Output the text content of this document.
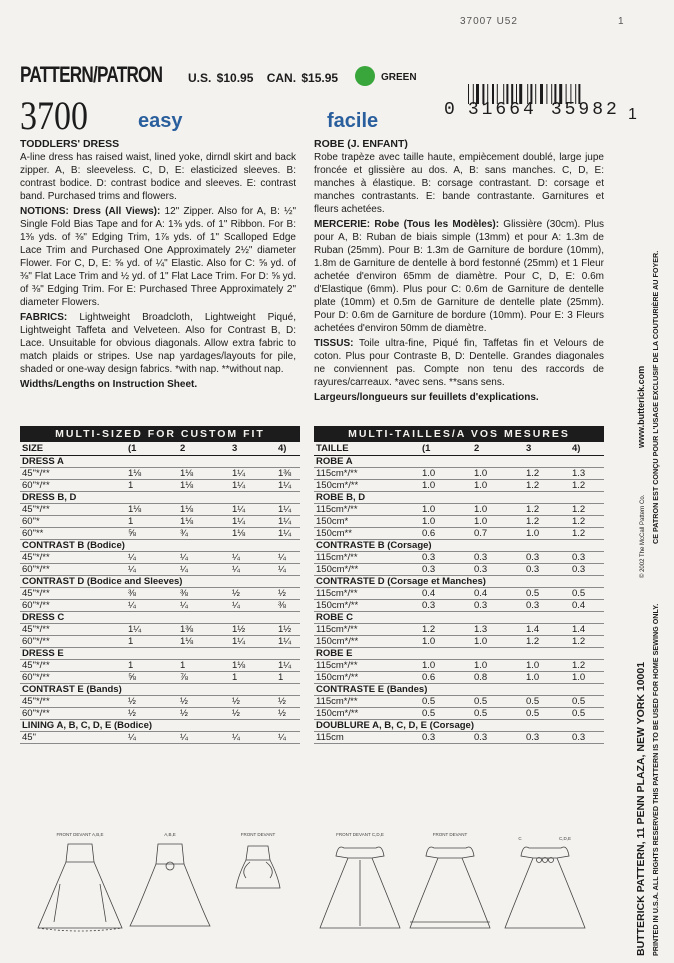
37007 U52	1
PATTERN/PATRON U.S. $10.95 CAN. $15.95	GREEN
3700	easy	facile	0 31664 35982 1
TODDLERS' DRESS

A-line dress has raised waist, lined yoke, dirndl skirt and back zipper. A, B: sleeveless. C, D, E: elasticized sleeves. B: contrast bodice. D: contrast bodice and sleeves. E: contrast band. Purchased trims and flowers.

NOTIONS: Dress (All Views): 12" Zipper. Also for A, B: ½" Single Fold Bias Tape and for A: 1⅜ yds. of 1" Ribbon. For B: 1⅜ yds. of ⅜" Edging Trim, 1⅞ yds. of 1" Scalloped Edge Lace Trim and Purchased One Approximately 2½" diameter Flower. For C, D, E: ⅝ yd. of ¼" Elastic. Also for C: ⅝ yd. of ⅜" Flat Lace Trim and ½ yd. of 1" Flat Lace Trim. For D: ⅝ yd. of ⅜" Edging Trim. For E: Purchased Three Approximately 2" diameter Flowers.

FABRICS: Lightweight Broadcloth, Lightweight Piqué, Lightweight Taffeta and Velveteen. Also for Contrast B, D: Lace. Unsuitable for obvious diagonals. Allow extra fabric to match plaids or stripes. Use nap yardages/layouts for pile, shaded or one-way design fabrics. *with nap. **without nap.

Widths/Lengths on Instruction Sheet.

ROBE (J. ENFANT)

Robe trapèze avec taille haute, empiècement doublé, large jupe froncée et glissière au dos. A, B: sans manches. C, D, E: manches à élastique. B: corsage contrastant. D: corsage et manches contrastants. E: bande contrastante. Garnitures et fleurs achetées.

MERCERIE: Robe (Tous les Modèles): Glissière (30cm). Plus pour A, B: Ruban de biais simple (13mm) et pour A: 1.3m de Ruban (25mm). Pour B: 1.3m de Garniture de bordure (10mm), 1.8m de Garniture de dentelle à bord festonné (25mm) et 1 Fleur achetée d'environ 65mm de diamètre. Pour C, D, E: 0.6m d'Elastique (6mm). Plus pour C: 0.6m de Garniture de dentelle plate (10mm) et 0.5m de Garniture de dentelle plate (25mm). Pour D: 0.6m de Garniture de bordure (10mm). Pour E: 3 Fleurs achetées d'environ 50mm de diamètre.

TISSUS: Toile ultra-fine, Piqué fin, Taffetas fin et Velours de coton. Plus pour Contraste B, D: Dentelle. Grandes diagonales ne conviennent pas. Compte non tenu des raccords de rayures/carreaux. *avec sens. **sans sens.

Largeurs/longueurs sur feuillets d'explications.

MULTI-SIZED FOR CUSTOM FIT
SIZE	(1	2	3	4)
DRESS A
45"*/**	1⅛	1⅛	1¼	1⅜
60"*/**	1	1⅛	1¼	1¼
DRESS B, D
45"*/**	1⅛	1⅛	1¼	1¼
60"*	1	1⅛	1¼	1¼
60"**	⅝	¾	1⅛	1¼
CONTRAST B (Bodice)
45"*/**	¼	¼	¼	¼
60"*/**	¼	¼	¼	¼
CONTRAST D (Bodice and Sleeves)
45"*/**	⅜	⅜	½	½
60"*/**	¼	¼	¼	⅜
DRESS C
45"*/**	1¼	1⅜	1½	1½
60"*/**	1	1⅛	1¼	1¼
DRESS E
45"*/**	1	1	1⅛	1¼
60"*/**	⅝	⅞	1	1
CONTRAST E (Bands)
45"*/**	½	½	½	½
60"*/**	½	½	½	½
LINING A, B, C, D, E (Bodice)
45"	¼	¼	¼	¼
MULTI-TAILLES/A VOS MESURES
TAILLE	(1	2	3	4)
ROBE A
115cm*/**	1.0	1.0	1.2	1.3
150cm*/**	1.0	1.0	1.2	1.2
ROBE B, D
115cm*/**	1.0	1.0	1.2	1.2
150cm*	1.0	1.0	1.2	1.2
150cm**	0.6	0.7	1.0	1.2
CONTRASTE B (Corsage)
115cm*/**	0.3	0.3	0.3	0.3
150cm*/**	0.3	0.3	0.3	0.3
CONTRASTE D (Corsage et Manches)
115cm*/**	0.4	0.4	0.5	0.5
150cm*/**	0.3	0.3	0.3	0.4
ROBE C
115cm*/**	1.2	1.3	1.4	1.4
150cm*/**	1.0	1.0	1.2	1.2
ROBE E
115cm*/**	1.0	1.0	1.0	1.2
150cm*/**	0.6	0.8	1.0	1.0
CONTRASTE E (Bandes)
115cm*/**	0.5	0.5	0.5	0.5
150cm*/**	0.5	0.5	0.5	0.5
DOUBLURE A, B, C, D, E (Corsage)
115cm	0.3	0.3	0.3	0.3
FRONT DEVANT A,B,E	A,B,E	FRONT DEVANT	FRONT DEVANT C,D,E	FRONT DEVANT
C	C,D,E	BUTTERICK PATTERN, 11 PENN PLAZA, NEW YORK 10001
© 2002 The McCall Pattern Co.
www.butterick.com
PRINTED IN U.S.A. ALL RIGHTS RESERVED THIS PATTERN IS TO BE USED FOR HOME SEWING ONLY.
CE PATRON EST CONÇU POUR L'USAGE EXCLUSIF DE LA COUTURIÈRE AU FOYER.
